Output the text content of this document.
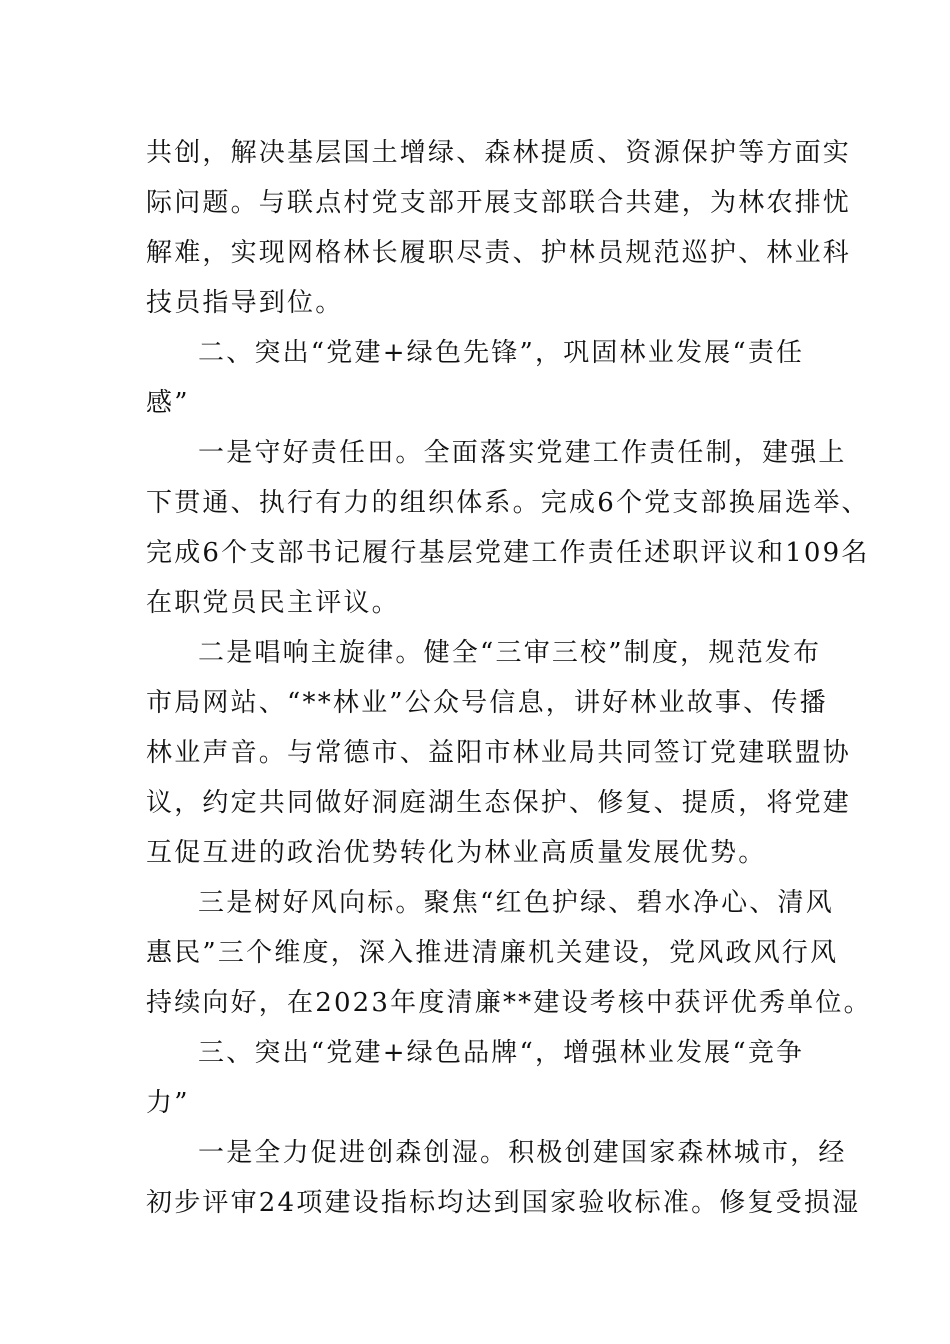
共创，解决基层国土增绿、森林提质、资源保护等方面实
际问题。与联点村党支部开展支部联合共建，为林农排忧
解难，实现网格林长履职尽责、护林员规范巡护、林业科
技员指导到位。
二、突出“党建+绿色先锋”，巩固林业发展“责任
感”
一是守好责任田。全面落实党建工作责任制，建强上
下贯通、执行有力的组织体系。完成6个党支部换届选举、
完成6个支部书记履行基层党建工作责任述职评议和109名
在职党员民主评议。
二是唱响主旋律。健全“三审三校”制度，规范发布
市局网站、“**林业”公众号信息，讲好林业故事、传播
林业声音。与常德市、益阳市林业局共同签订党建联盟协
议，约定共同做好洞庭湖生态保护、修复、提质，将党建
互促互进的政治优势转化为林业高质量发展优势。
三是树好风向标。聚焦“红色护绿、碧水净心、清风
惠民”三个维度，深入推进清廉机关建设，党风政风行风
持续向好，在2023年度清廉**建设考核中获评优秀单位。
三、突出“党建+绿色品牌“，增强林业发展“竞争
力”
一是全力促进创森创湿。积极创建国家森林城市，经
初步评审24项建设指标均达到国家验收标准。修复受损湿
